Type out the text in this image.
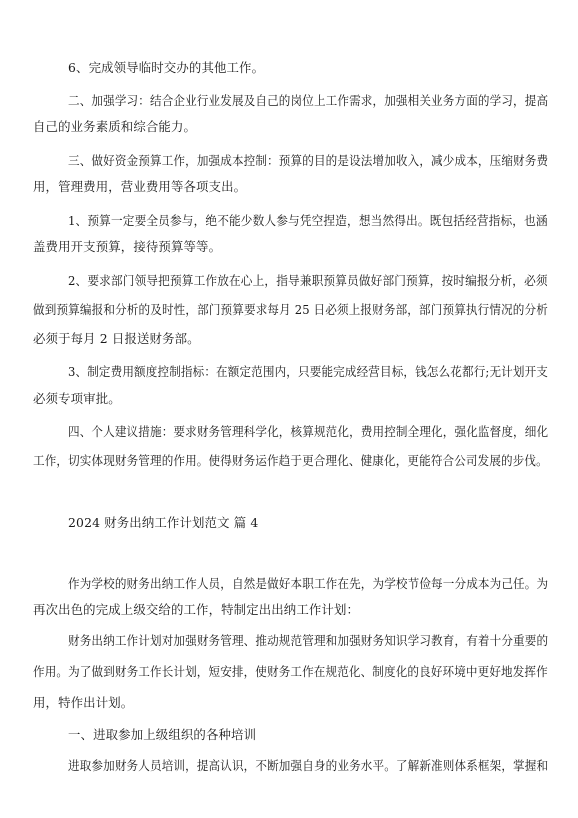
6、完成领导临时交办的其他工作。
二、加强学习：结合企业行业发展及自己的岗位上工作需求，加强相关业务方面的学习，提高
自己的业务素质和综合能力。
三、做好资金预算工作，加强成本控制：预算的目的是设法增加收入，减少成本，压缩财务费
用，管理费用，营业费用等各项支出。
1、预算一定要全员参与，绝不能少数人参与凭空捏造，想当然得出。既包括经营指标，也涵
盖费用开支预算，接待预算等等。
2、要求部门领导把预算工作放在心上，指导兼职预算员做好部门预算，按时编报分析，必须
做到预算编报和分析的及时性，部门预算要求每月 25 日必须上报财务部，部门预算执行情况的分析
必须于每月 2 日报送财务部。
3、制定费用额度控制指标：在额定范围内，只要能完成经营目标，钱怎么花都行;无计划开支
必须专项审批。
四、个人建议措施：要求财务管理科学化，核算规范化，费用控制全理化，强化监督度，细化
工作，切实体现财务管理的作用。使得财务运作趋于更合理化、健康化，更能符合公司发展的步伐。
2024 财务出纳工作计划范文 篇 4
作为学校的财务出纳工作人员，自然是做好本职工作在先，为学校节俭每一分成本为己任。为
再次出色的完成上级交给的工作，特制定出出纳工作计划：
财务出纳工作计划对加强财务管理、推动规范管理和加强财务知识学习教育，有着十分重要的
作用。为了做到财务工作长计划，短安排，使财务工作在规范化、制度化的良好环境中更好地发挥作
用，特作出计划。
一、进取参加上级组织的各种培训
进取参加财务人员培训，提高认识，不断加强自身的业务水平。了解新准则体系框架，掌握和
